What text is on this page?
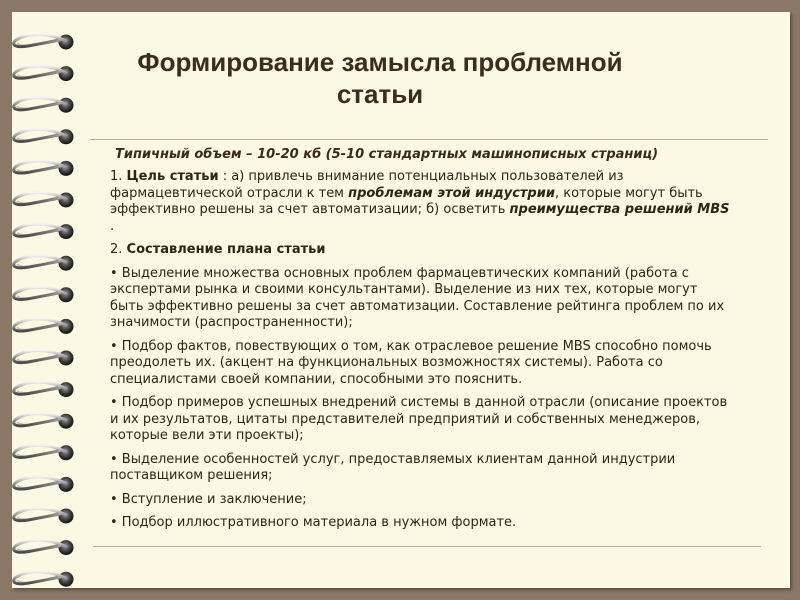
Формирование замысла проблемной статьи
Типичный объем – 10-20 кб (5-10 стандартных машинописных страниц)

1. Цель статьи : а) привлечь внимание потенциальных пользователей из фармацевтической отрасли к тем проблемам этой индустрии, которые могут быть эффективно решены за счет автоматизации; б) осветить преимущества решений MBS .

2. Составление плана статьи

• Выделение множества основных проблем фармацевтических компаний (работа с экспертами рынка и своими консультантами). Выделение из них тех, которые могут быть эффективно решены за счет автоматизации. Составление рейтинга проблем по их значимости (распространенности);

• Подбор фактов, повествующих о том, как отраслевое решение MBS способно помочь преодолеть их. (акцент на функциональных возможностях системы). Работа со специалистами своей компании, способными это пояснить.

• Подбор примеров успешных внедрений системы в данной отрасли (описание проектов и их результатов, цитаты представителей предприятий и собственных менеджеров, которые вели эти проекты);

• Выделение особенностей услуг, предоставляемых клиентам данной индустрии поставщиком решения;

• Вступление и заключение;

• Подбор иллюстративного материала в нужном формате.
